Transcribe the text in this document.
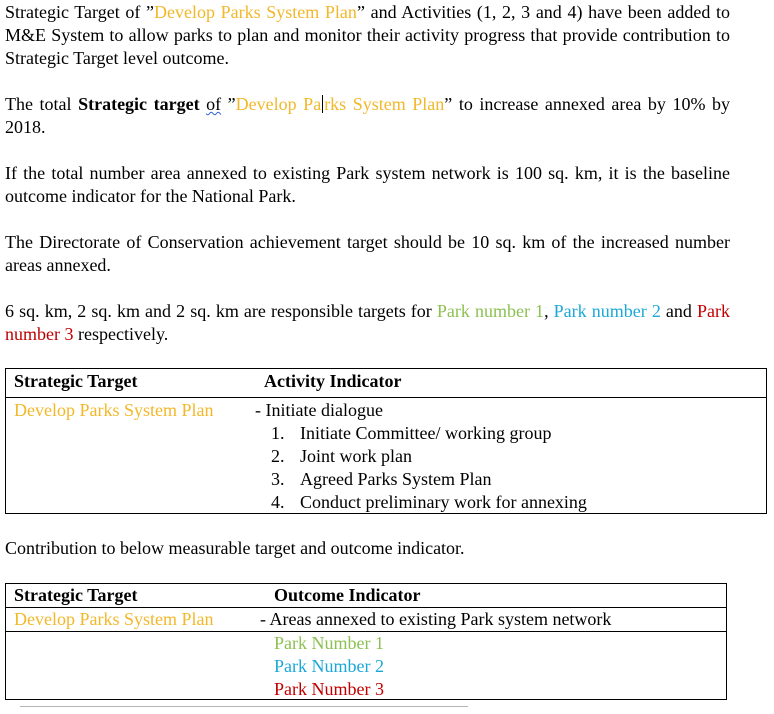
Strategic Target of ”Develop Parks System Plan” and Activities (1, 2, 3 and 4) have been added to M&E System to allow parks to plan and monitor their activity progress that provide contribution to Strategic Target level outcome.
The total Strategic target of ”Develop Pa rks System Plan” to increase annexed area by 10% by 2018.
If the total number area annexed to existing Park system network is 100 sq. km, it is the baseline outcome indicator for the National Park.
The Directorate of Conservation achievement target should be 10 sq. km of the increased number areas annexed.
6 sq. km, 2 sq. km and 2 sq. km are responsible targets for Park number 1, Park number 2 and Park number 3 respectively.
Strategic Target	Activity Indicator
Develop Parks System Plan - Initiate dialogue
1. Initiate Committee/ working group
2. Joint work plan
3. Agreed Parks System Plan
4. Conduct preliminary work for annexing
Contribution to below measurable target and outcome indicator.
Strategic Target	Outcome Indicator
Develop Parks System Plan	- Areas annexed to existing Park system network
Park Number 1
Park Number 2
Park Number 3
